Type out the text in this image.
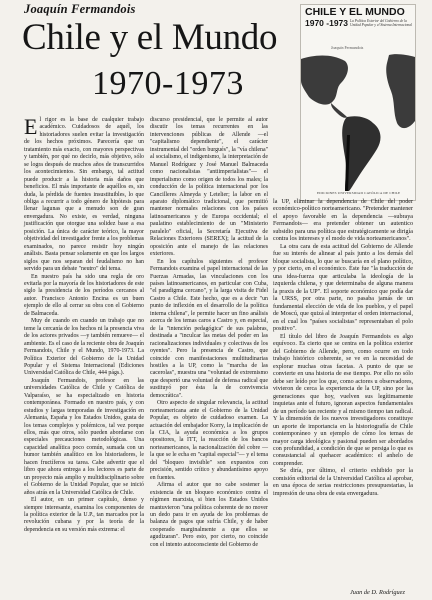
Joaquín Fermandois
Chile y el Mundo
1970-1973
CHILE Y EL MUNDO
1970 -1973 La Política Exterior del Gobierno de la Unidad Popular y el Sistema Internacional
Joaquín Fermandois
EDICIONES UNIVERSIDAD CATÓLICA DE CHILE

El rigor es la base de cualquier trabajo académico. Cuidadosos de aquél, los historiadores suelen evitar la investigación de los hechos próximos. Parecería que un tratamiento más exacto, con mayores perspectivas y también, por qué no decirlo, más objetivo, sólo se logra después de muchos años de transcurridos los acontecimientos. Sin embargo, tal actitud puede producir a la historia más daños que beneficios. El más importante de aquéllos es, sin duda, la pérdida de fuentes insustituibles, lo que obliga a recurrir a todo género de hipótesis para llenar lagunas que a menudo son de gran envergadura. No existe, es verdad, ninguna justificación que otorgue una solidez base a esa posición. La única de carácter teórico, la mayor objetividad del investigador frente a los problemas examinados, no parece resistir hoy ningún análisis. Basta pensar solamente en que los largos siglos que nos separan del feudalismo no han servido para un debate "neutro" del tema.

En nuestro país ha sido una regla de oro evitarla por la mayoría de los historiadores de este siglo la presidencia de los períodos cercanos al autor. Francisco Antonio Encina es un buen ejemplo de ello al cerrar su obra con el Gobierno de Balmaceda.

Muy de cuando en cuando un trabajo que no teme la cercanía de los hechos ni la presencia viva de los actores privados —y también remueve— el ambiente. Es el caso de la reciente obra de Joaquín Fermandois, Chile y el Mundo, 1970-1973. La Política Exterior del Gobierno de la Unidad Popular y el Sistema Internacional (Ediciones Universidad Católica de Chile, 444 págs.).

Joaquín Fermandois, profesor en las universidades Católica de Chile y Católica de Valparaíso, se ha especializado en historia contemporánea. Formado en nuestro país, y con estudios y largas temporadas de investigación en Alemania, España y los Estados Unidos, gusta de los temas complejos y polémicos, tal vez porque ellos, más que otros, sólo pueden abordarse con especiales precauciones metodológicas. Una capacidad analítica poco común, sumada con un humor también analítico en los historiadores, le hacen fructíferos su tarea. Cabe advertir que el libro que ahora entrega a los lectores es parte de un proyecto más amplio y multidisciplinario sobre el Gobierno de la Unidad Popular, que se inició años atrás en la Universidad Católica de Chile.

El autor, en un primer capítulo, denso y siempre interesante, examina los componentes de la política exterior de la U.P., tan marcados por la revolución cubana y por la teoría de la dependencia en su versión más extrema: el

discurso presidencial, que le permite al autor discutir los temas recurrentes en las intervenciones públicas de Allende —el "capitalismo dependiente", el carácter instrumental del "orden burgués", la "vía chilena" al socialismo, el indigenismo, la interpretación de Manuel Rodríguez y José Manuel Balmaceda como nacionalistas "antiimperialistas"— el imperialismo como origen de todos los males; la conducción de la política internacional por los Cancilleres Almeyda y Letelier; la labor en el aparato diplomático tradicional, que permitió mantener normales relaciones con los países latinoamericanos y de Europa occidental; el paulatino establecimiento de un "Ministerio paralelo" oficial, la Secretaría Ejecutiva de Relaciones Exteriores (SEREX); la actitud de la oposición ante el manejo de las relaciones exteriores.

En los capítulos siguientes el profesor Fermandois examina el papel internacional de las Fuerzas Armadas, las vinculaciones con los países latinoamericanos, en particular con Cuba, "el paradigma cercano", y la larga visita de Fidel Castro a Chile. Este hecho, que es a decir "un punto de inflexión en el desarrollo de la política interna chilena", le permite hacer un fino análisis acerca de los temas caros a Castro y, en especial, de la "intención pedagógica" de sus palabras, destinada a "inculcar las metas del poder en las racionalizaciones individuales y colectivas de los oyentes". Pero la presencia de Castro, que coincide con manifestaciones multitudinarias hostiles a la UP, como la "marcha de las cacerolas", muestra una "voluntad de extremismo que despertó una voluntad de defensa radical que sustituyó por ésta la de convivencia democrática".

Otro aspecto de singular relevancia, la actitud norteamericana ante el Gobierno de la Unidad Popular, es objeto de cuidadoso examen. La actuación del embajador Korry, la implicación de la CIA, la ayuda económica a los grupos opositores, la ITT, la reacción de los bancos norteamericanos, la nacionalización del cobre —la que se le echa en "capital especial"— y el tema del "bloqueo invisible" son expuestos con precisión, sentido crítico y abundantísimo apoyo en fuentes.

Afirma el autor que no cabe sostener la existencia de un bloqueo económico contra el régimen marxista, si bien los Estados Unidos mantuvieron "una política coherente de no mover un dedo para ir en ayuda de los problemas de balanza de pagos que sufría Chile, y de haber cooperado marginalmente a que ellos se agudizaran". Pero esto, por cierto, no coincide con el intento autoconsciente del Gobierno de

la UP, eliminar la dependencia de Chile del poder económico-político norteamericano. "Pretender mantener el apoyo favorable en la dependencia —subraya Fermandois— era pretender obtener un autentico subsidio para una política que estratégicamente se dirigía contra los intereses y el modo de vida norteamericanos".

La otra cara de esta actitud del Gobierno de Allende fue su interés de alinear al país junto a los demás del bloque socialista, lo que se buscaría en el plano político, y por cierto, en el económico. Éste fue "la traducción de una idea-fuerza que articulaba la ideología de la izquierda chilena, y que determinaba de alguna manera la praxis de la UP". El soporte económico que podía dar la URSS, por otra parte, no pasaba jamás de un fundamental elección de vida de los pueblos, y el papel de Moscú, que quizá al interpretar el orden internacional, en el cual los "países socialistas" representaban el polo positivo".

El título del libro de Joaquín Fermandois es algo equívoco. Es cierto que se centra en la política exterior del Gobierno de Allende, pero, como ocurre en todo trabajo histórico coherente, se ve en la necesidad de explorar muchas otras facetas. A punto de que se convierte en una historia de ese tiempo. Por ello no sólo debe ser leído por los que, como actores u observadores, vivieron de cerca la experiencia de la UP, sino por las generaciones que hoy, vuelven sus legítimamente inquietas ante el futuro, ignoran aspectos fundamentales de un período tan reciente y al mismo tiempo tan radical. Y la dimensión de los nuevos investigadores constituye un aporte de importancia en la historiografía de Chile contemporáneo y un ejemplo de cómo los temas de mayor carga ideológica y pasional pueden ser abordados con profundidad, a condición de que se persiga lo que es consustancial al quehacer académico: el anhelo de comprender.

Se diría, por último, el criterio exhibido por la comisión editorial de la Universidad Católica al aprobar, en una época de serias restricciones presupuestarias, la impresión de una obra de esta envergadura.

Juan de D. Rodríguez
